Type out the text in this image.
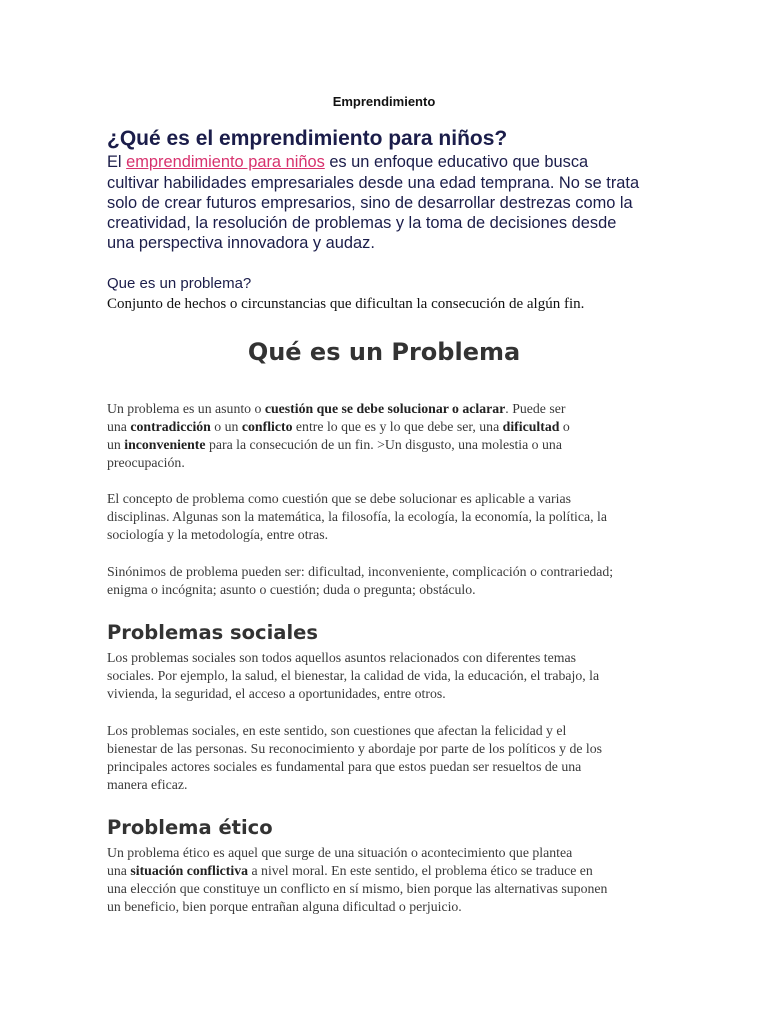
Emprendimiento
¿Qué es el emprendimiento para niños?
El emprendimiento para niños es un enfoque educativo que busca
cultivar habilidades empresariales desde una edad temprana. No se trata
solo de crear futuros empresarios, sino de desarrollar destrezas como la
creatividad, la resolución de problemas y la toma de decisiones desde
una perspectiva innovadora y audaz.
Que es un problema?
Conjunto de hechos o circunstancias que dificultan la consecución de algún fin.
Qué es un Problema
Un problema es un asunto o cuestión que se debe solucionar o aclarar. Puede ser
una contradicción o un conflicto entre lo que es y lo que debe ser, una dificultad o
un inconveniente para la consecución de un fin. >Un disgusto, una molestia o una
preocupación.
El concepto de problema como cuestión que se debe solucionar es aplicable a varias
disciplinas. Algunas son la matemática, la filosofía, la ecología, la economía, la política, la
sociología y la metodología, entre otras.
Sinónimos de problema pueden ser: dificultad, inconveniente, complicación o contrariedad;
enigma o incógnita; asunto o cuestión; duda o pregunta; obstáculo.
Problemas sociales
Los problemas sociales son todos aquellos asuntos relacionados con diferentes temas
sociales. Por ejemplo, la salud, el bienestar, la calidad de vida, la educación, el trabajo, la
vivienda, la seguridad, el acceso a oportunidades, entre otros.
Los problemas sociales, en este sentido, son cuestiones que afectan la felicidad y el
bienestar de las personas. Su reconocimiento y abordaje por parte de los políticos y de los
principales actores sociales es fundamental para que estos puedan ser resueltos de una
manera eficaz.
Problema ético
Un problema ético es aquel que surge de una situación o acontecimiento que plantea
una situación conflictiva a nivel moral. En este sentido, el problema ético se traduce en
una elección que constituye un conflicto en sí mismo, bien porque las alternativas suponen
un beneficio, bien porque entrañan alguna dificultad o perjuicio.
